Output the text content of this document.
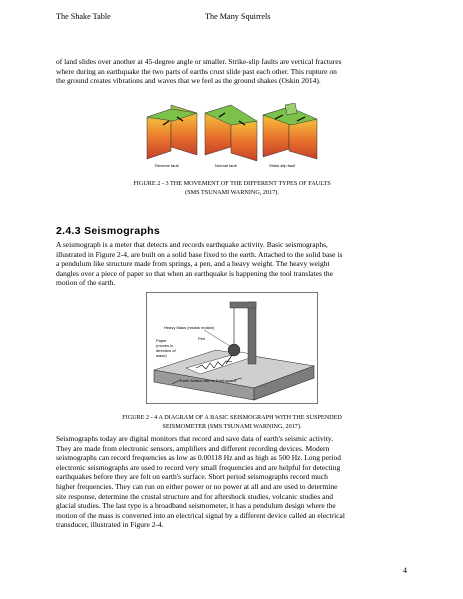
The Shake Table	The Many Squirrels
of land slides over another at 45-degree angle or smaller. Strike-slip faults are vertical fractures
where during an earthquake the two parts of earths crust slide past each other. This rupture on
the ground creates vibrations and waves that we feel as the ground shakes (Oskin 2014).
Reverse fault	Normal fault	Strike-slip fault
FIGURE 2 - 3 THE MOVEMENT OF THE DIFFERENT TYPES OF FAULTS
(SMS TSUNAMI WARNING, 2017).
2.4.3 Seismographs
A seismograph is a meter that detects and records earthquake activity. Basic seismographs,
illustrated in Figure 2-4, are built on a solid base fixed to the earth. Attached to the solid base is
a pendulum like structure made from springs, a pen, and a heavy weight. The heavy weight
dangles over a piece of paper so that when an earthquake is happening the tool translates the
motion of the earth.
Heavy Mass (resists motion)
Pen
Paper
(moves in
direction of
wave)
Earth Motion due to Earthquake
FIGURE 2 - 4 A DIAGRAM OF A BASIC SEISMOGRAPH WITH THE SUSPENDED
SEISMOMETER (SMS TSUNAMI WARNING, 2017).
Seismographs today are digital monitors that record and save data of earth's seismic activity.
They are made from electronic sensors, amplifiers and different recording devices. Modern
seismographs can record frequencies as low as 0.00118 Hz and as high as 500 Hz. Long period
electronic seismographs are used to record very small frequencies and are helpful for detecting
earthquakes before they are felt on earth's surface. Short period seismographs record much
higher frequencies. They can run on either power or no power at all and are used to determine
site response, determine the crustal structure and for aftershock studies, volcanic studies and
glacial studies. The last type is a broadband seismometer, it has a pendulum design where the
motion of the mass is converted into an electrical signal by a different device called an electrical
transducer, illustrated in Figure 2-4.
4
